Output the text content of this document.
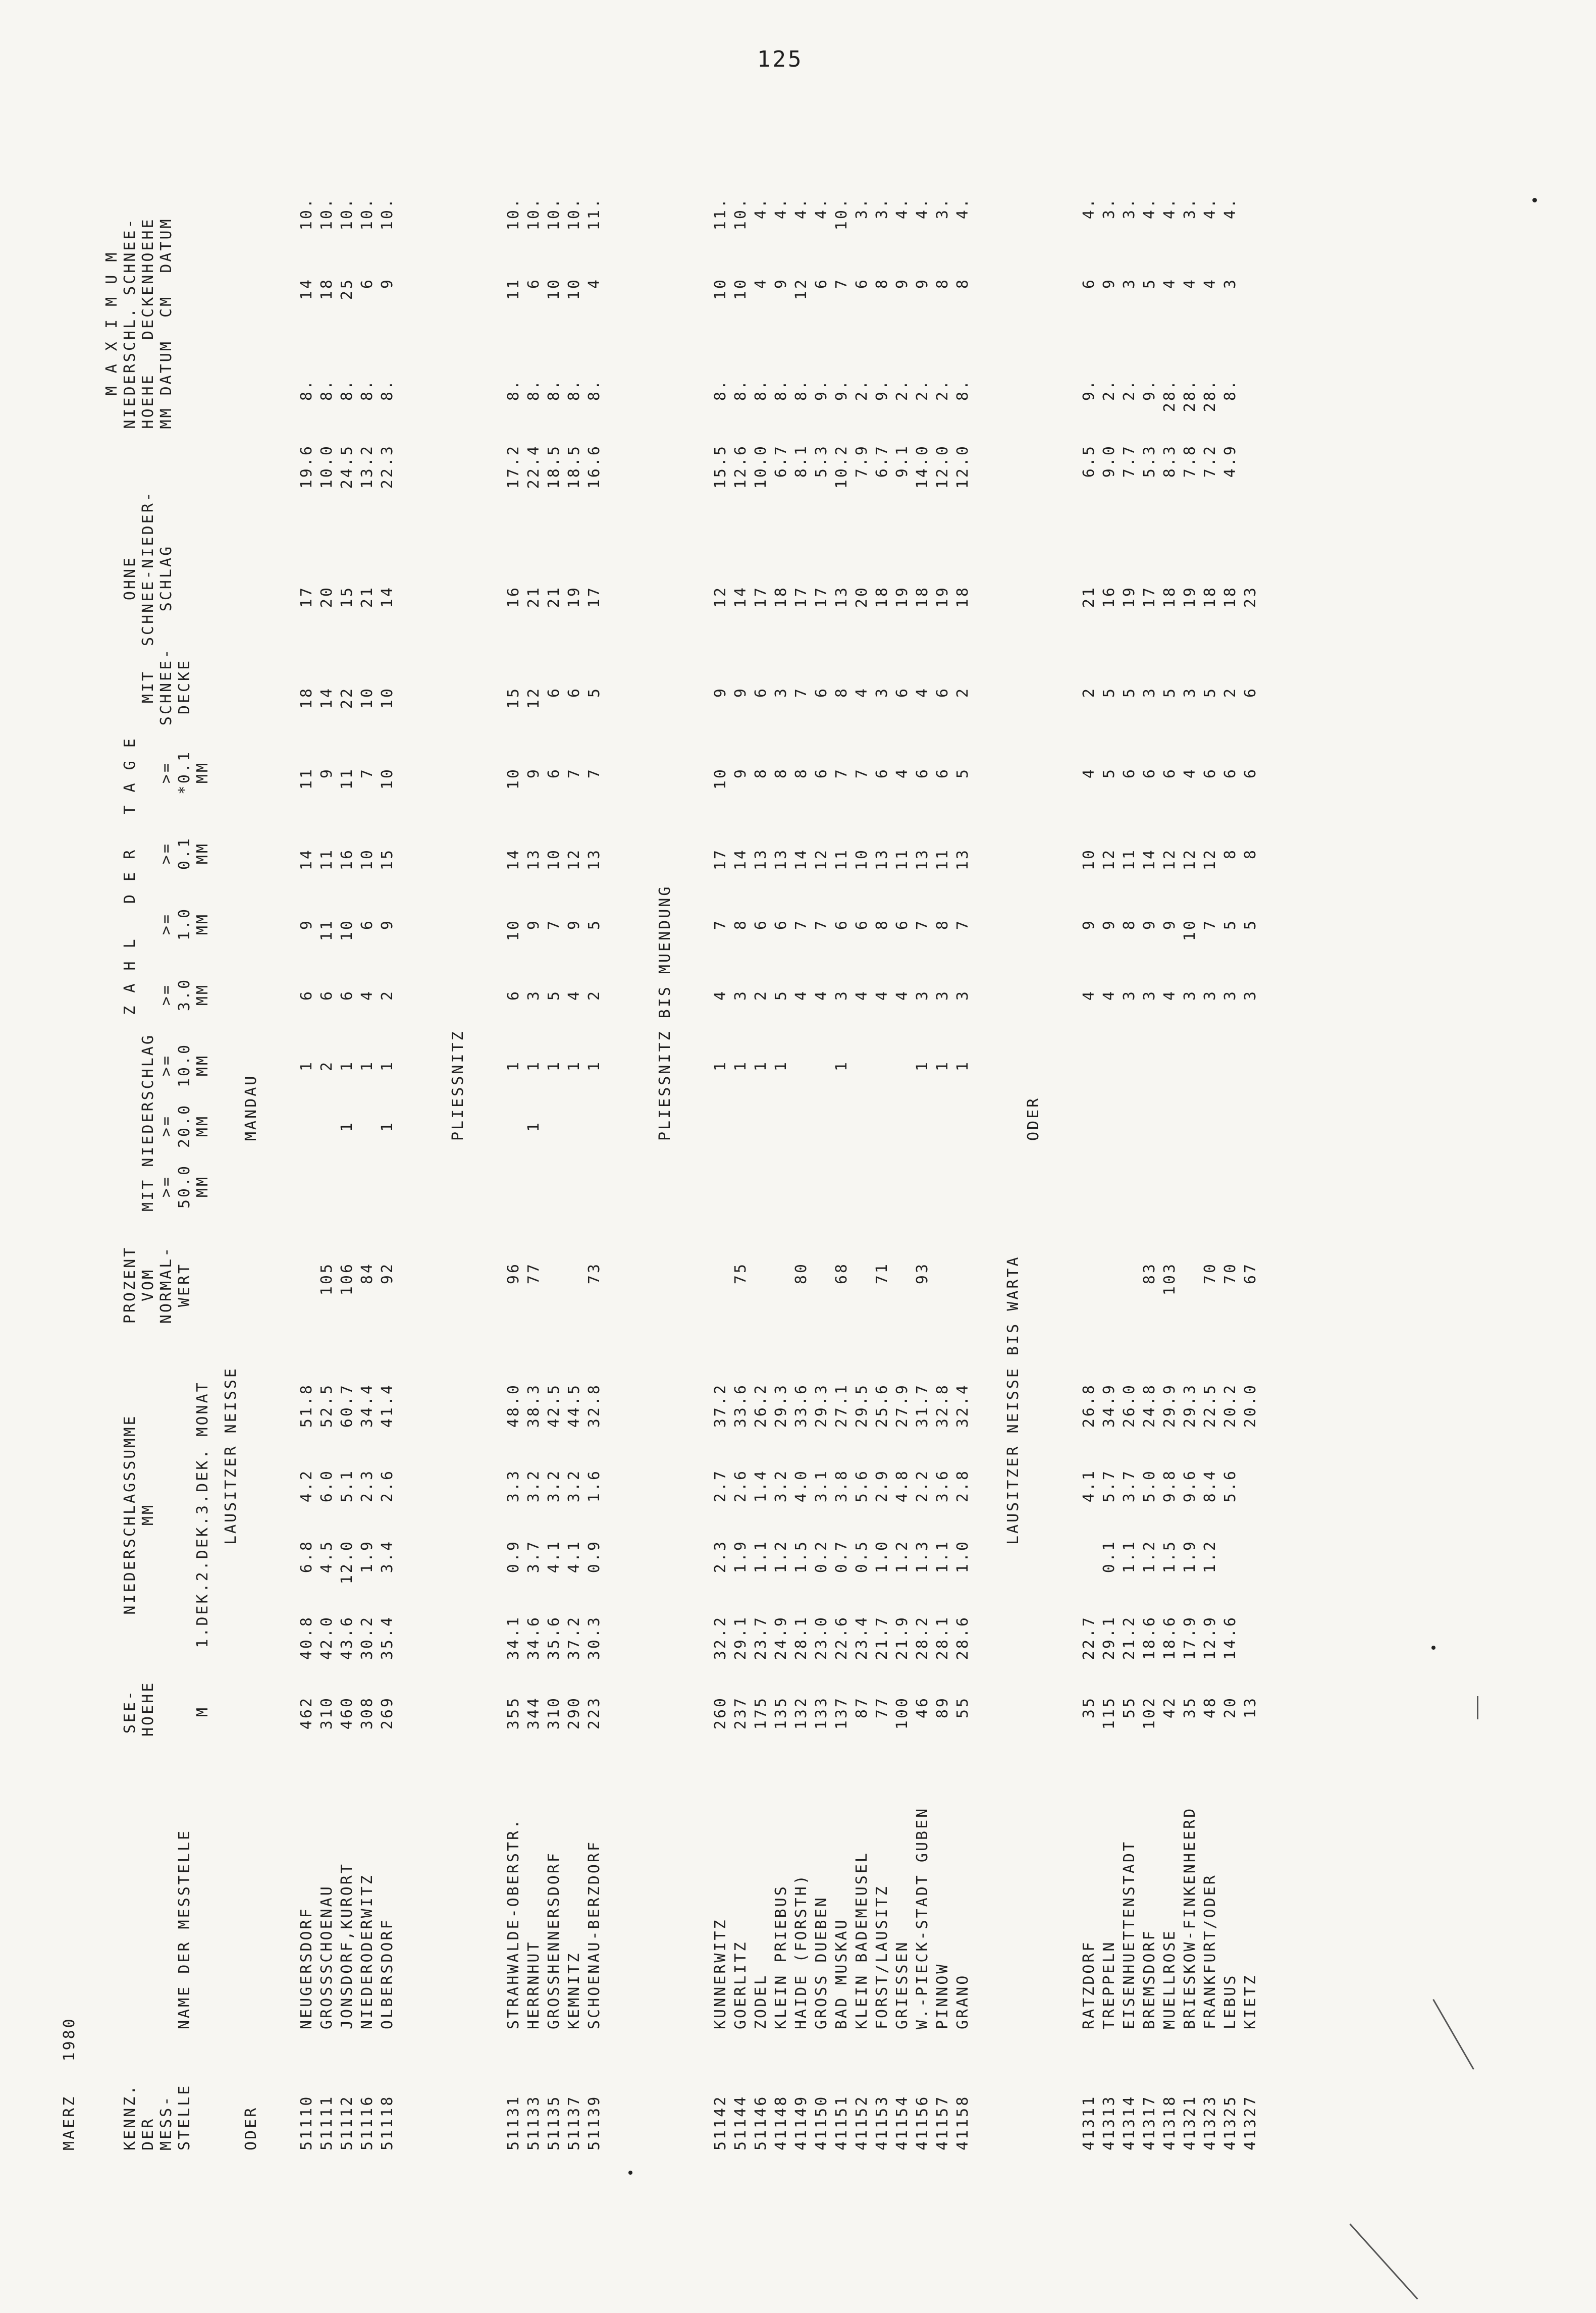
125
MAERZ   1980
KENNZ. DER MESS- STELLE
NAME DER MESSTELLE
SEE- HOEHE

M
NIEDERSCHLAGSSUMME MM

1.DEK.2.DEK.3.DEK. MONAT
PROZENT VOM NORMAL- WERT
Z A H L   D E R   T A G E
MIT NIEDERSCHLAG
MIT SCHNEE- DECKE
OHNE SCHNEE-NIEDER- SCHLAG
M A X I M U M NIEDERSCHL. SCHNEE- HOEHE   DECKENHOEHE MM DATUM  CM  DATUM
>= 50.0 MM
>= 20.0 MM
>= 10.0 MM
>= 3.0 MM
>= 1.0 MM
>= 0.1 MM
>= *0.1 MM
ODER
LAUSITZER NEISSE
MANDAU
51110
NEUGERSDORF
462
40.8
6.8
4.2
51.8
1
6
9
14
11
18
17
19.6
8.
14
10.
51111
GROSSSCHOENAU
310
42.0
4.5
6.0
52.5
105
2
6
11
11
9
14
20
10.0
8.
18
10.
51112
JONSDORF,KURORT
460
43.6
12.0
5.1
60.7
106
1
1
6
10
16
11
22
15
24.5
8.
25
10.
51116
NIEDERODERWITZ
308
30.2
1.9
2.3
34.4
84
1
4
6
10
7
10
21
13.2
8.
6
10.
51118
OLBERSDORF
269
35.4
3.4
2.6
41.4
92
1
1
2
9
15
10
10
14
22.3
8.
9
10.
PLIESSNITZ
51131
STRAHWALDE-OBERSTR.
355
34.1
0.9
3.3
48.0
96
1
6
10
14
10
15
16
17.2
8.
11
10.
51133
HERRNHUT
344
34.6
3.7
3.2
38.3
77
1
1
3
9
13
9
12
21
22.4
8.
6
10.
51135
GROSSHENNERSDORF
310
35.6
4.1
3.2
42.5
1
5
7
10
6
6
21
18.5
8.
10
10.
51137
KEMNITZ
290
37.2
4.1
3.2
44.5
1
4
9
12
7
6
19
18.5
8.
10
10.
51139
SCHOENAU-BERZDORF
223
30.3
0.9
1.6
32.8
73
1
2
5
13
7
5
17
16.6
8.
4
11.
PLIESSNITZ BIS MUENDUNG
51142
KUNNERWITZ
260
32.2
2.3
2.7
37.2
1
4
7
17
10
9
12
15.5
8.
10
11.
51144
GOERLITZ
237
29.1
1.9
2.6
33.6
75
1
3
8
14
9
9
14
12.6
8.
10
10.
51146
ZODEL
175
23.7
1.1
1.4
26.2
1
2
6
13
8
6
17
10.0
8.
4
4.
41148
KLEIN PRIEBUS
135
24.9
1.2
3.2
29.3
1
5
6
13
8
3
18
6.7
8.
9
4.
41149
HAIDE (FORSTH)
132
28.1
1.5
4.0
33.6
80
4
7
14
8
7
17
8.1
8.
12
4.
41150
GROSS DUEBEN
133
23.0
0.2
3.1
29.3
4
7
12
6
6
17
5.3
9.
6
4.
41151
BAD MUSKAU
137
22.6
0.7
3.8
27.1
68
1
3
6
11
7
8
13
10.2
9.
7
10.
41152
KLEIN BADEMEUSEL
87
23.4
0.5
5.6
29.5
4
6
10
7
4
20
7.9
2.
6
3.
41153
FORST/LAUSITZ
77
21.7
1.0
2.9
25.6
71
4
8
13
6
3
18
6.7
9.
8
3.
41154
GRIESSEN
100
21.9
1.2
4.8
27.9
4
6
11
4
6
19
9.1
2.
9
4.
41156
W.-PIECK-STADT GUBEN
46
28.2
1.3
2.2
31.7
93
1
3
7
13
6
4
18
14.0
2.
9
4.
41157
PINNOW
89
28.1
1.1
3.6
32.8
1
3
8
11
6
6
19
12.0
2.
8
3.
41158
GRANO
55
28.6
1.0
2.8
32.4
1
3
7
13
5
2
18
12.0
8.
8
4.
LAUSITZER NEISSE BIS WARTA
ODER
41311
RATZDORF
35
22.7
4.1
26.8
4
9
10
4
2
21
6.5
9.
6
4.
41313
TREPPELN
115
29.1
0.1
5.7
34.9
4
9
12
5
5
16
9.0
2.
9
3.
41314
EISENHUETTENSTADT
55
21.2
1.1
3.7
26.0
3
8
11
6
5
19
7.7
2.
3
3.
41317
BREMSDORF
102
18.6
1.2
5.0
24.8
83
3
9
14
6
3
17
5.3
9.
5
4.
41318
MUELLROSE
42
18.6
1.5
9.8
29.9
103
4
9
12
6
5
18
8.3
28.
4
4.
41321
BRIESKOW-FINKENHEERD
35
17.9
1.9
9.6
29.3
3
10
12
4
3
19
7.8
28.
4
3.
41323
FRANKFURT/ODER
48
12.9
1.2
8.4
22.5
70
3
7
12
6
5
18
7.2
28.
4
4.
41325
LEBUS
20
14.6
5.6
20.2
70
3
5
8
6
2
18
4.9
8.
3
4.
41327
KIETZ
13
20.0
67
3
5
8
6
6
23
